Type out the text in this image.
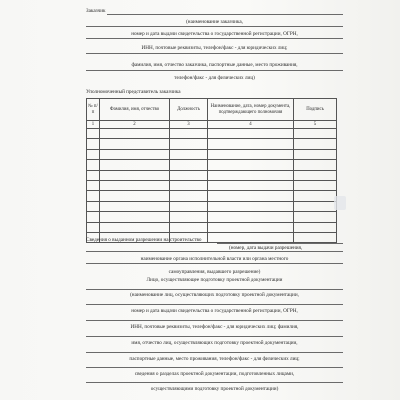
Заказчик
(наименование заказчика,
номер и дата выдачи свидетельства о государственной регистрации, ОГРН,
ИНН, почтовые реквизиты, телефон/факс - для юридических лиц;
фамилия, имя, отчество заказчика, паспортные данные, место проживания,
телефон/факс - для физических лиц)
Уполномоченный представитель заказчика
№ п/п	Фамилия, имя, отчество	Должность	Наименование, дата, номер документа, подтверждающего полномочия	Подпись
1	2	3	4	5

Сведения о выданном разрешении на строительство
(номер, дата выдачи разрешения,
наименование органа исполнительной власти или органа местного
самоуправления, выдавшего разрешение)
Лицо, осуществляющее подготовку проектной документации
(наименование лиц, осуществляющих подготовку проектной документации,
номер и дата выдачи свидетельства о государственной регистрации, ОГРН,
ИНН, почтовые реквизиты, телефон/факс - для юридических лиц; фамилия,
имя, отчество лиц, осуществляющих подготовку проектной документации,
паспортные данные, место проживания, телефон/факс - для физических лиц;
сведения о разделах проектной документации, подготовленных лицами,
осуществляющими подготовку проектной документации)
